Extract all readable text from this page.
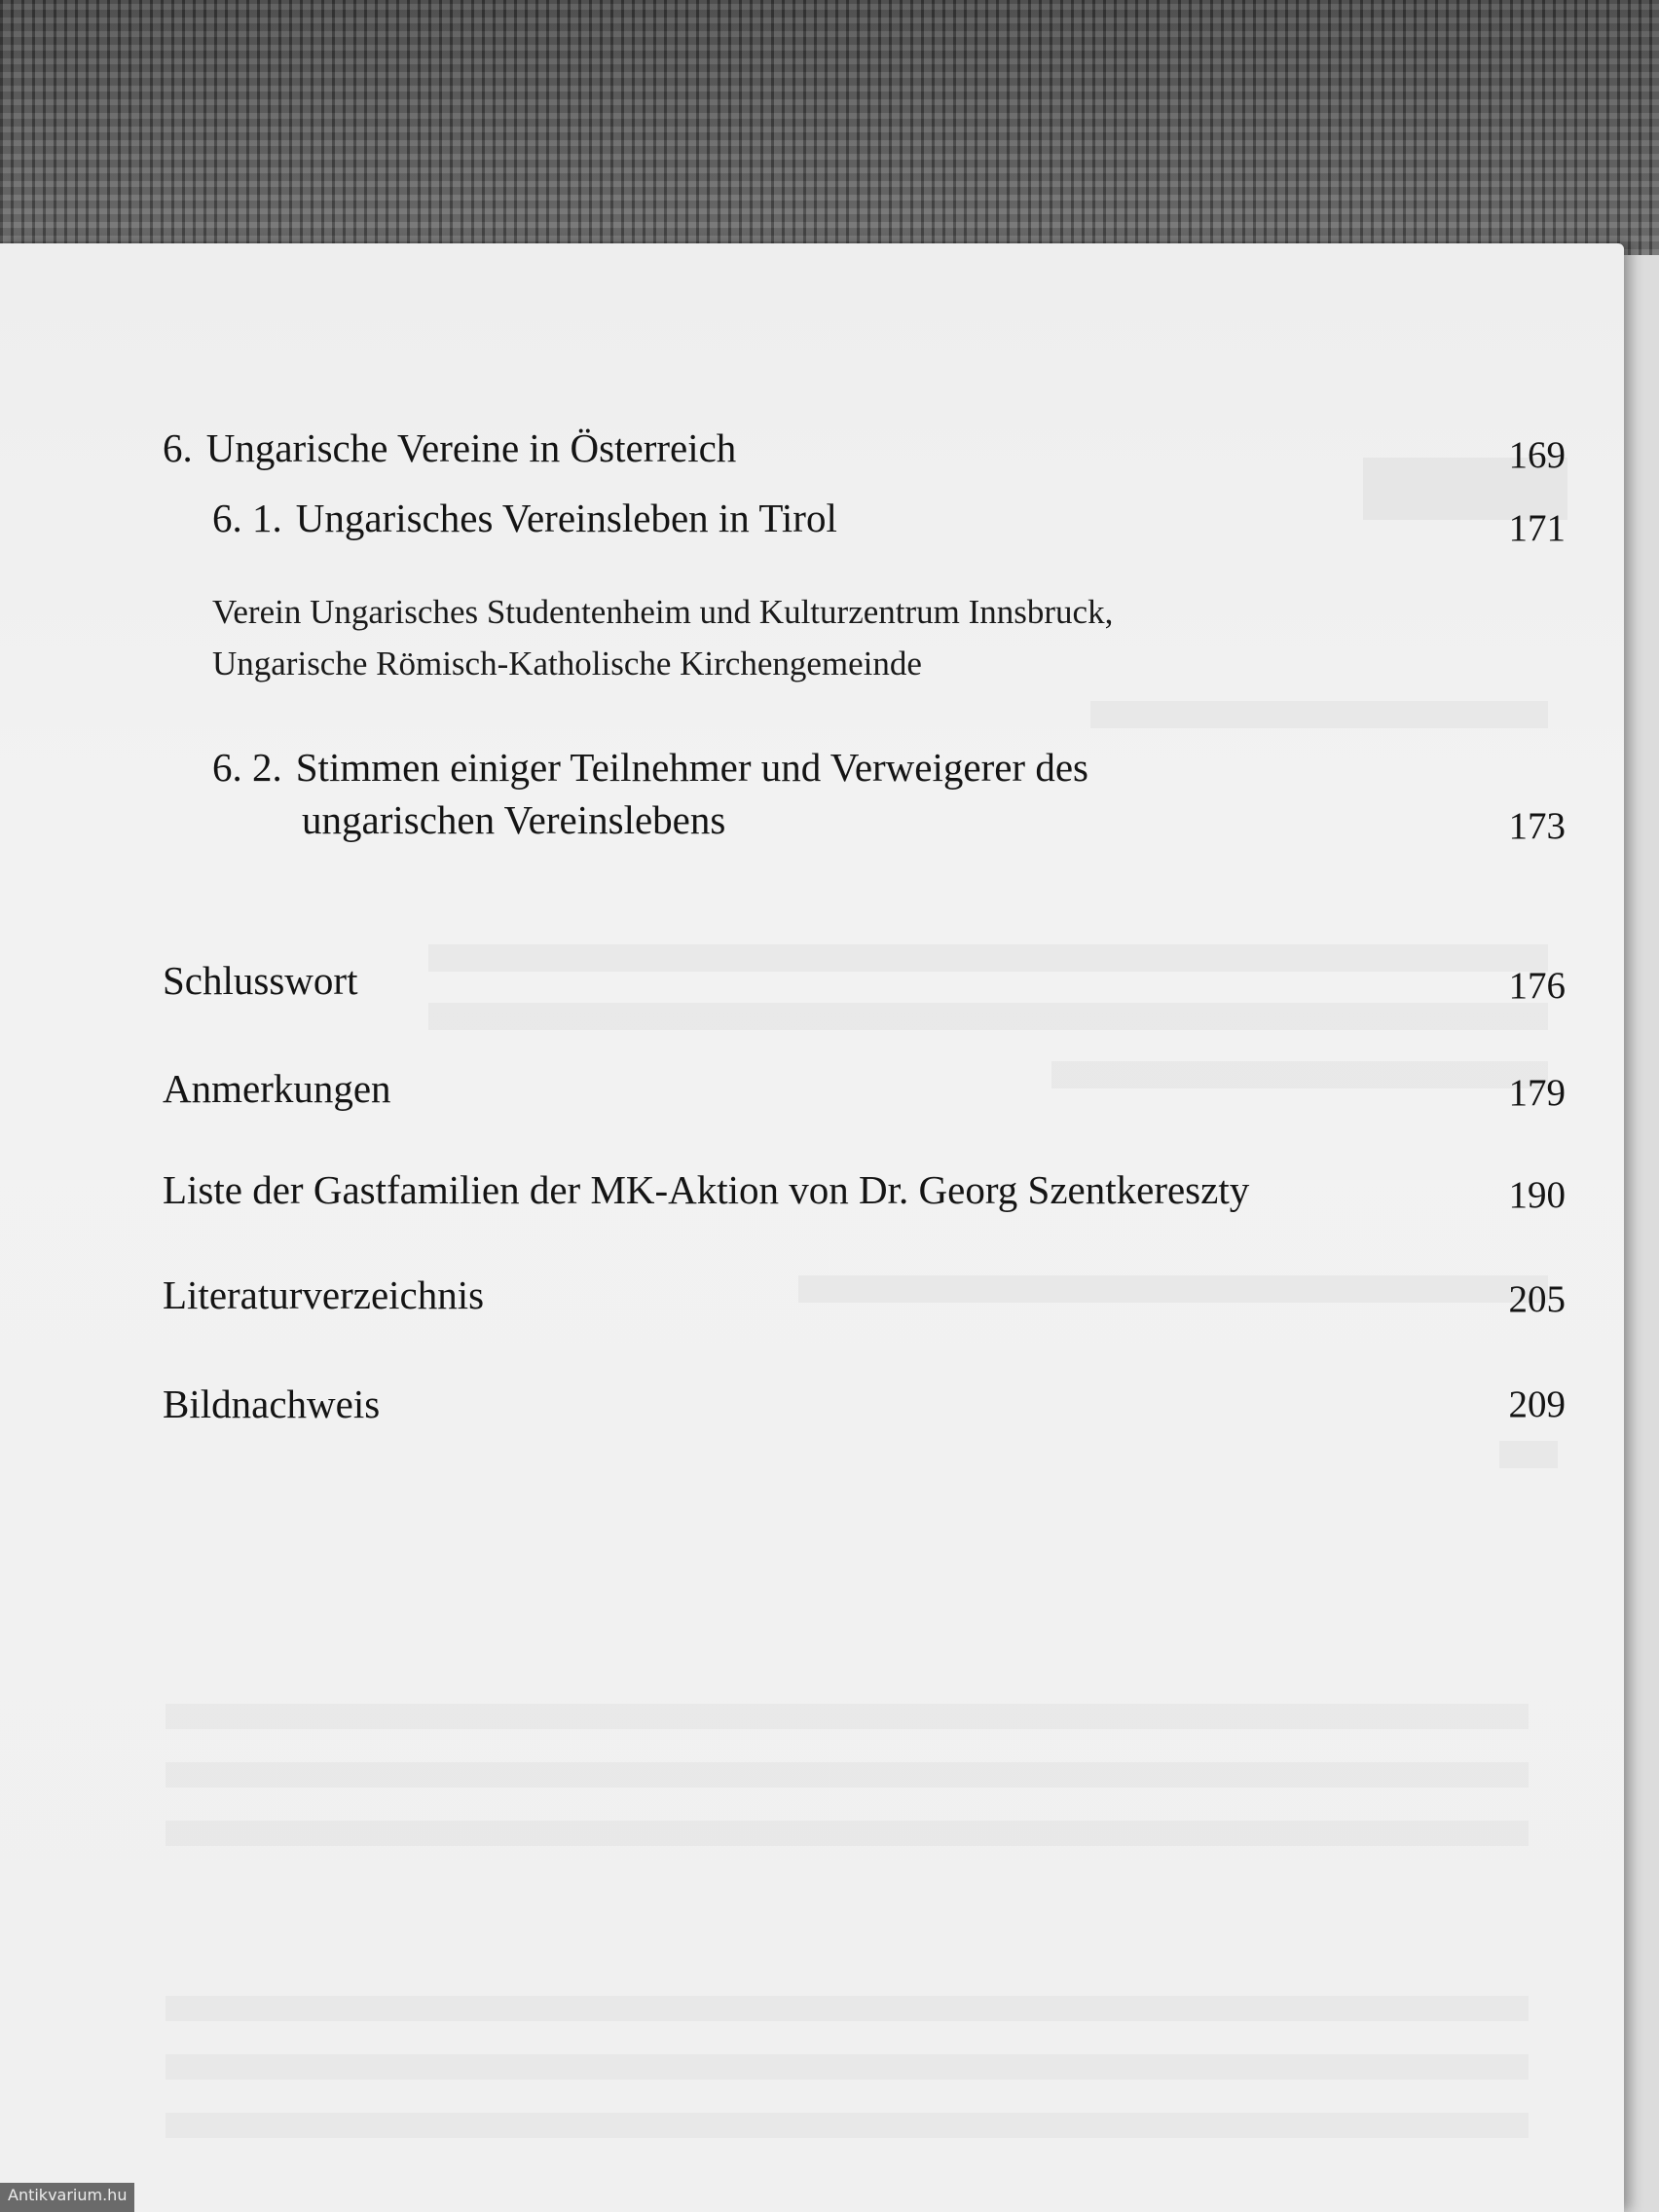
6. Ungarische Vereine in Österreich	169
6. 1. Ungarisches Vereinsleben in Tirol	171
Verein Ungarisches Studentenheim und Kulturzentrum Innsbruck,
Ungarische Römisch-Katholische Kirchengemeinde
6. 2. Stimmen einiger Teilnehmer und Verweigerer des
ungarischen Vereinslebens	173
Schlusswort	176
Anmerkungen	179
Liste der Gastfamilien der MK-Aktion von Dr. Georg Szentkereszty	190
Literaturverzeichnis	205
Bildnachweis	209
Antikvarium.hu
